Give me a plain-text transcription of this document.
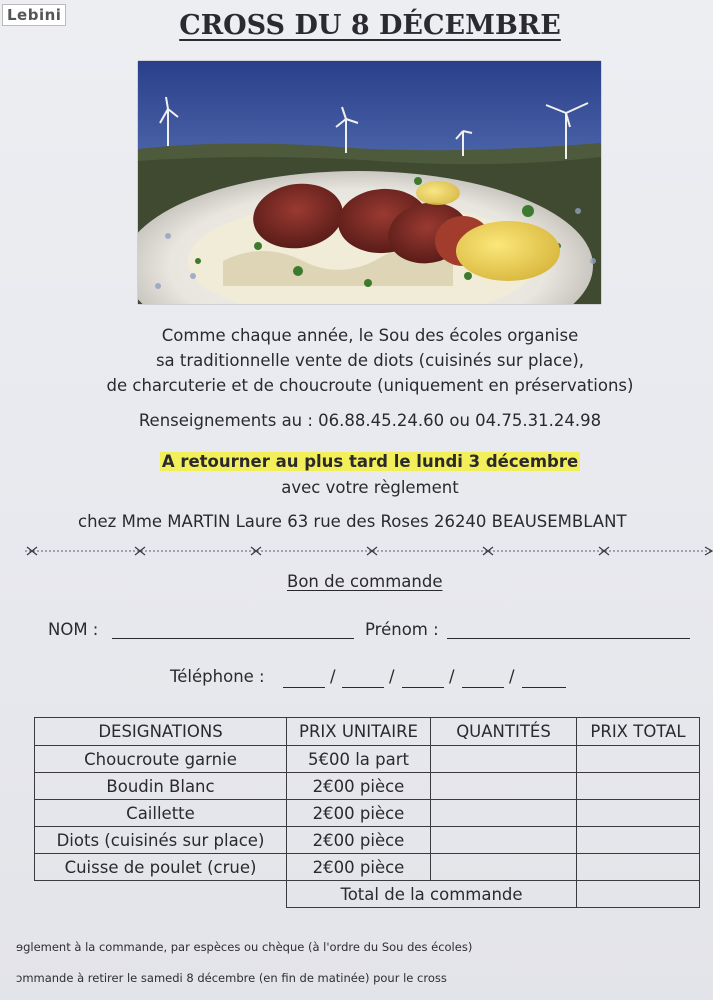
Lebini	CROSS DU 8 DÉCEMBRE
Comme chaque année, le Sou des écoles organise
sa traditionnelle vente de diots (cuisinés sur place),
de charcuterie et de choucroute (uniquement en préservations)
Renseignements au : 06.88.45.24.60 ou 04.75.31.24.98
A retourner au plus tard le lundi 3 décembre
avec votre règlement
chez Mme MARTIN Laure 63 rue des Roses 26240 BEAUSEMBLANT
Bon de commande
NOM :	Prénom :
Téléphone :	/	/	/	/
DESIGNATIONS	PRIX UNITAIRE	QUANTITÉS	PRIX TOTAL
Choucroute garnie	5€00 la part		
Boudin Blanc	2€00 pièce		
Caillette	2€00 pièce		
Diots (cuisinés sur place)	2€00 pièce		
Cuisse de poulet (crue)	2€00 pièce		
	Total de la commande		
ɘglement à la commande, par espèces ou chèque (à l'ordre du Sou des écoles)
ɔmmande à retirer le samedi 8 décembre (en fin de matinée) pour le cross
